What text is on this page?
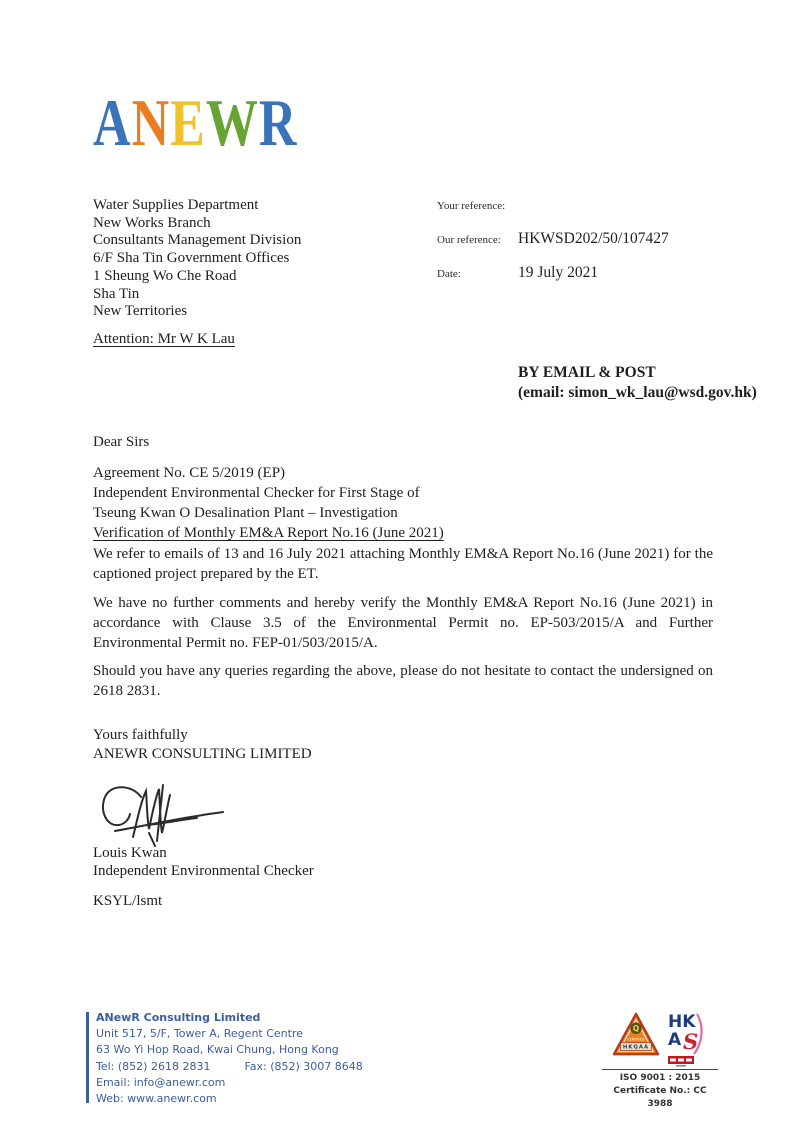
ANEWR
Water Supplies Department
New Works Branch
Consultants Management Division
6/F Sha Tin Government Offices
1 Sheung Wo Che Road
Sha Tin
New Territories
Attention: Mr W K Lau
Your reference:
Our reference: HKWSD202/50/107427
Date:	19 July 2021
BY EMAIL & POST
(email: simon_wk_lau@wsd.gov.hk)
Dear Sirs
Agreement No. CE 5/2019 (EP)
Independent Environmental Checker for First Stage of
Tseung Kwan O Desalination Plant – Investigation
Verification of Monthly EM&A Report No.16 (June 2021)
We refer to emails of 13 and 16 July 2021 attaching Monthly EM&A Report No.16 (June 2021) for the captioned project prepared by the ET.
We have no further comments and hereby verify the Monthly EM&A Report No.16 (June 2021) in accordance with Clause 3.5 of the Environmental Permit no. EP-503/2015/A and Further Environmental Permit no. FEP-01/503/2015/A.
Should you have any queries regarding the above, please do not hesitate to contact the undersigned on 2618 2831.
Yours faithfully
ANEWR CONSULTING LIMITED
Louis Kwan
Independent Environmental Checker
KSYL/lsmt
ANewR Consulting Limited
Unit 517, 5/F, Tower A, Regent Centre
63 Wo Yi Hop Road, Kwai Chung, Hong Kong
Tel: (852) 2618 2831	Fax: (852) 3007 8648
Email: info@anewr.com
Web: www.anewr.com
Q
CERTIFIED
HKQAA
HK
A S
ISO 9001 : 2015
Certificate No.: CC 3988
